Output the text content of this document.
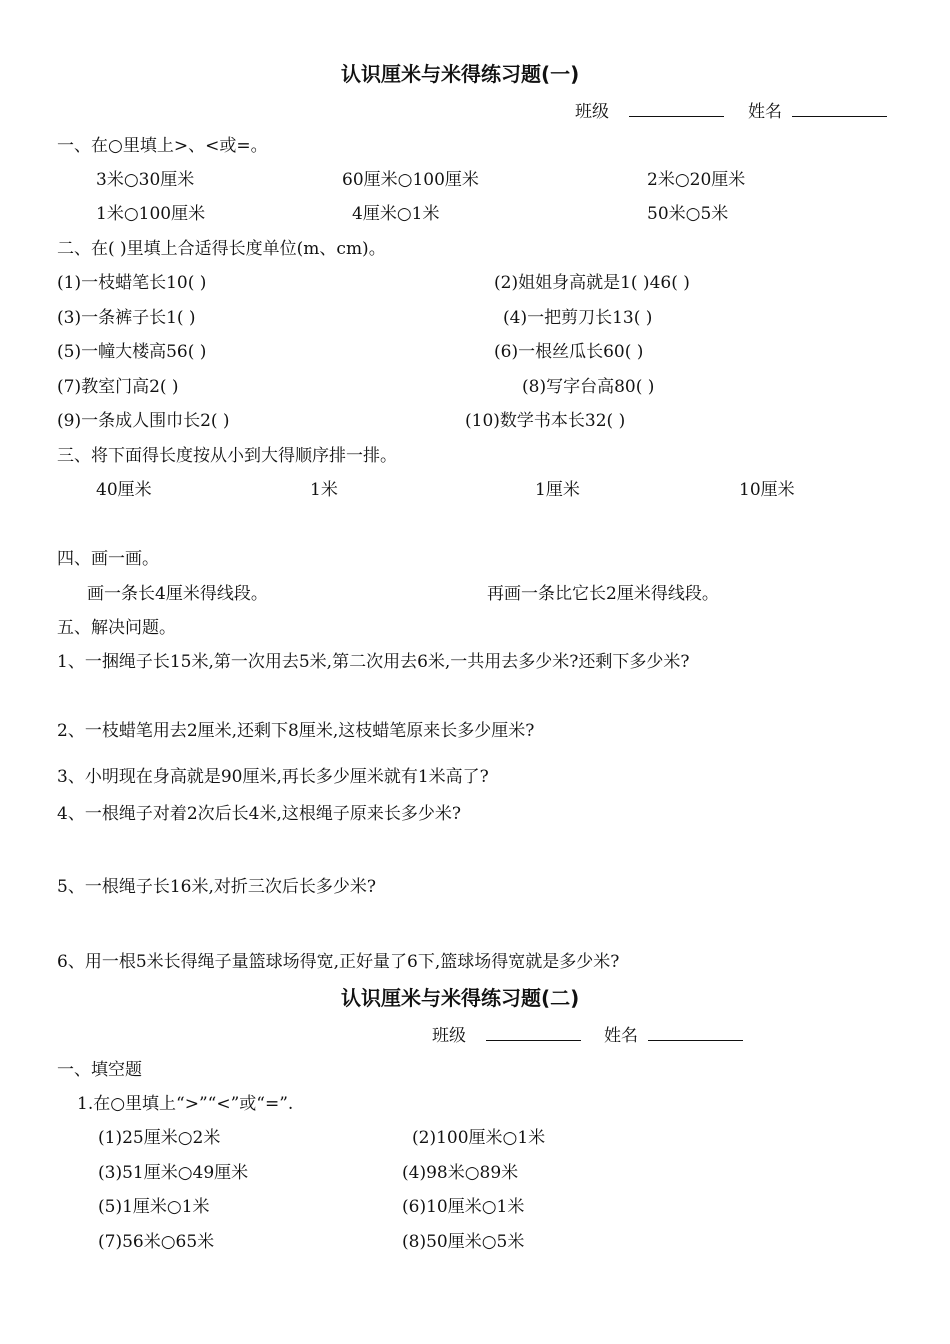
认识厘米与米得练习题(一)
班级	姓名
一、在○里填上>、<或=。
3米○30厘米	60厘米○100厘米	2米○20厘米
1米○100厘米	4厘米○1米	50米○5米
二、在( )里填上合适得长度单位(m、cm)。
(1)一枝蜡笔长10( )	(2)姐姐身高就是1( )46( )
(3)一条裤子长1( )	(4)一把剪刀长13( )
(5)一幢大楼高56( )	(6)一根丝瓜长60( )
(7)教室门高2( )	(8)写字台高80( )
(9)一条成人围巾长2( )	(10)数学书本长32( )
三、将下面得长度按从小到大得顺序排一排。
40厘米	1米	1厘米	10厘米
四、画一画。
画一条长4厘米得线段。	再画一条比它长2厘米得线段。
五、解决问题。
1、一捆绳子长15米,第一次用去5米,第二次用去6米,一共用去多少米?还剩下多少米?
2、一枝蜡笔用去2厘米,还剩下8厘米,这枝蜡笔原来长多少厘米?
3、小明现在身高就是90厘米,再长多少厘米就有1米高了?
4、一根绳子对着2次后长4米,这根绳子原来长多少米?
5、一根绳子长16米,对折三次后长多少米?
6、用一根5米长得绳子量篮球场得宽,正好量了6下,篮球场得宽就是多少米?
认识厘米与米得练习题(二)
班级	姓名
一、填空题
1.在○里填上“>”“<”或“=”.
(1)25厘米○2米	(2)100厘米○1米
(3)51厘米○49厘米	(4)98米○89米
(5)1厘米○1米	(6)10厘米○1米
(7)56米○65米	(8)50厘米○5米
